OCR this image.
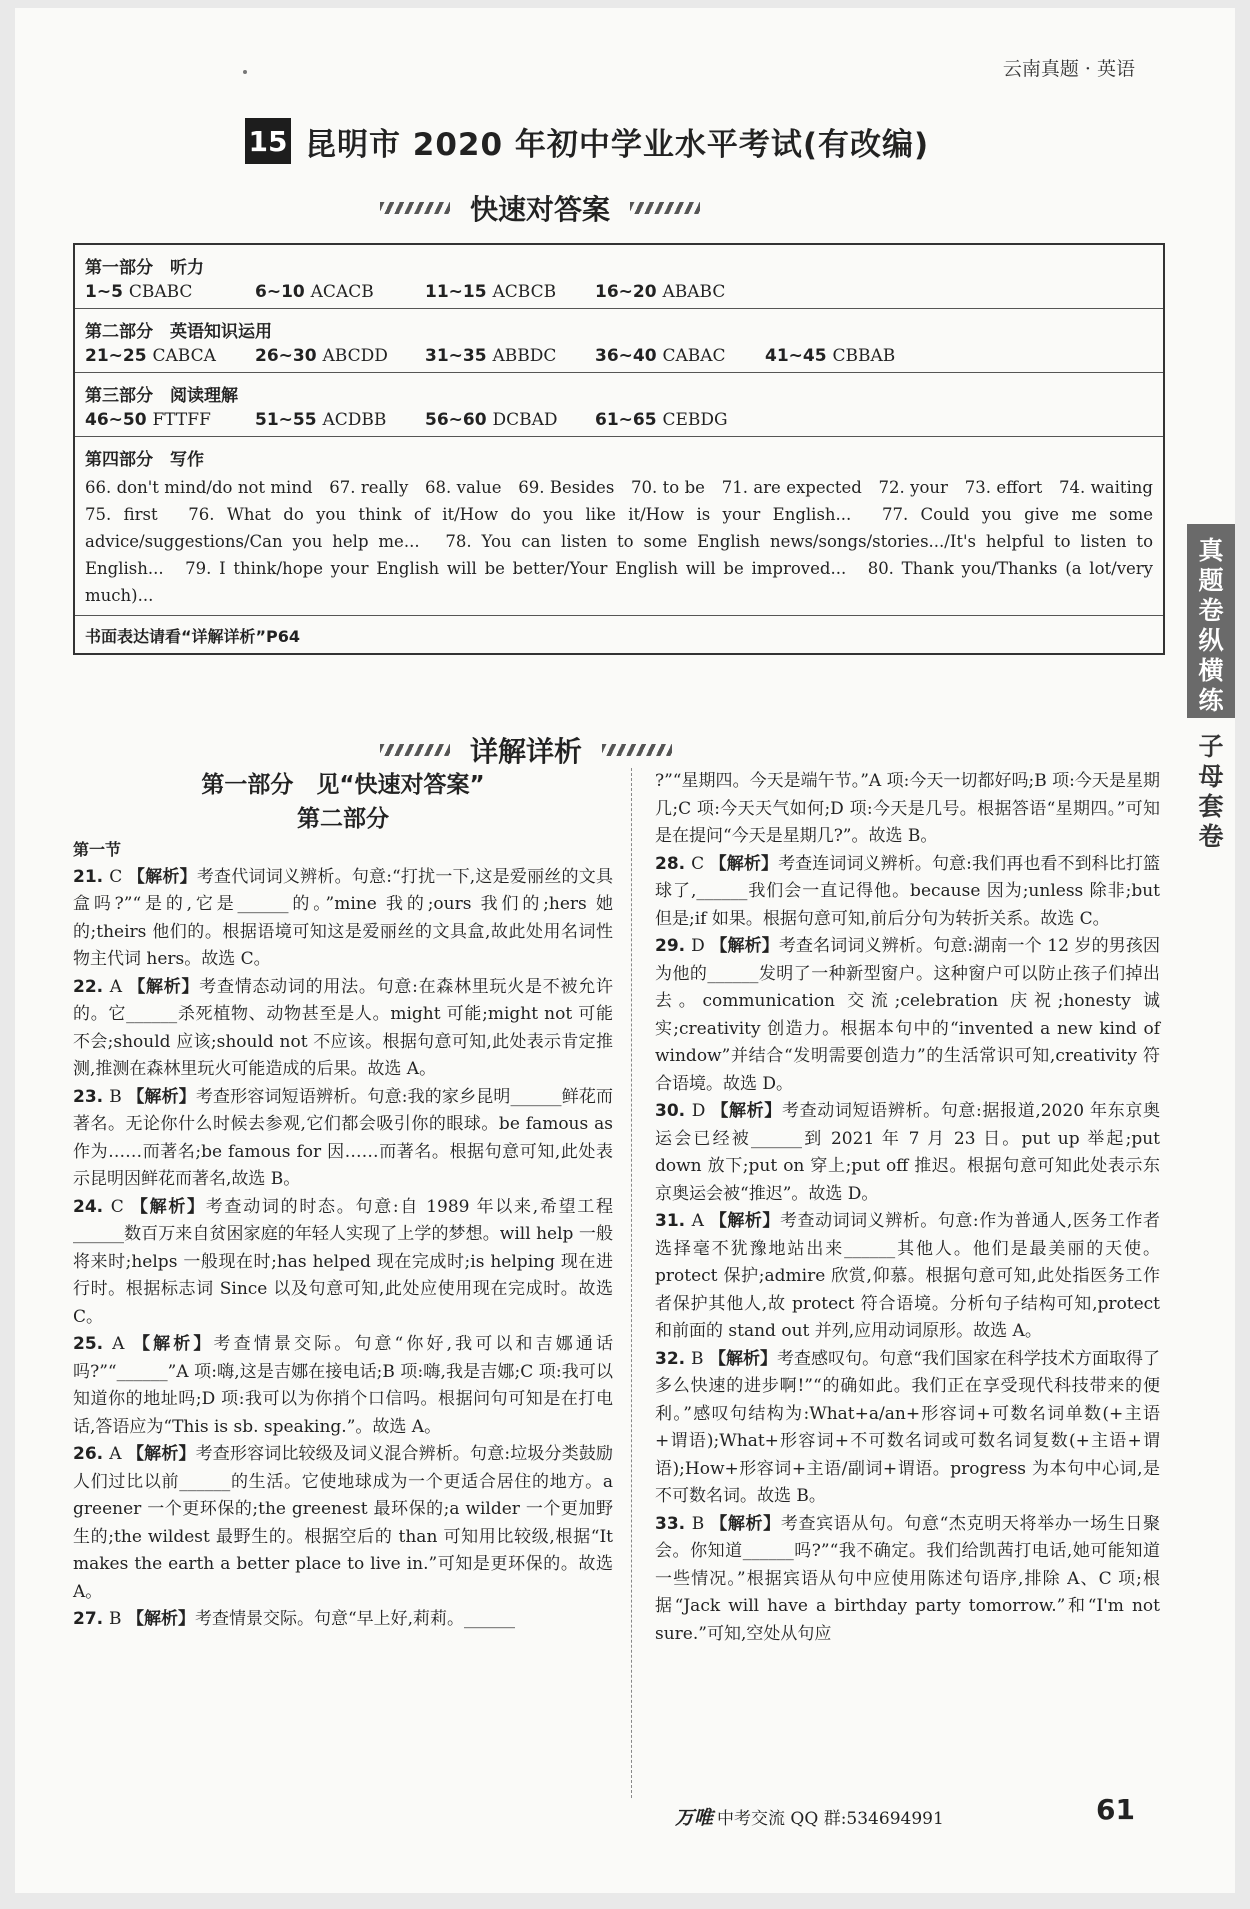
云南真题 · 英语
15 昆明市 2020 年初中学业水平考试(有改编)
快速对答案
第一部分　听力
1~5 CBABC	6~10 ACACB	11~15 ACBCB	16~20 ABABC
第二部分　英语知识运用
21~25 CABCA	26~30 ABCDD	31~35 ABBDC	36~40 CABAC	41~45 CBBAB
第三部分　阅读理解
46~50 FTTFF	51~55 ACDBB	56~60 DCBAD	61~65 CEBDG
第四部分　写作
66. don't mind/do not mind　67. really　68. value　69. Besides　70. to be　71. are expected　72. your　73. effort　74. waiting　75. first　76. What do you think of it/How do you like it/How is your English...　77. Could you give me some advice/suggestions/Can you help me...　78. You can listen to some English news/songs/stories.../It's helpful to listen to English...　79. I think/hope your English will be better/Your English will be improved...　80. Thank you/Thanks (a lot/very much)...
书面表达请看“详解详析”P64
真题卷纵横练
子母套卷
详解详析
第一部分　见“快速对答案”
第二部分
第一节
21. C 【解析】考查代词词义辨析。句意:“打扰一下,这是爱丽丝的文具盒吗?”“是的,它是______的。”mine 我的;ours 我们的;hers 她的;theirs 他们的。根据语境可知这是爱丽丝的文具盒,故此处用名词性物主代词 hers。故选 C。
22. A 【解析】考查情态动词的用法。句意:在森林里玩火是不被允许的。它______杀死植物、动物甚至是人。might 可能;might not 可能不会;should 应该;should not 不应该。根据句意可知,此处表示肯定推测,推测在森林里玩火可能造成的后果。故选 A。
23. B 【解析】考查形容词短语辨析。句意:我的家乡昆明______鲜花而著名。无论你什么时候去参观,它们都会吸引你的眼球。be famous as 作为……而著名;be famous for 因……而著名。根据句意可知,此处表示昆明因鲜花而著名,故选 B。
24. C 【解析】考查动词的时态。句意:自 1989 年以来,希望工程______数百万来自贫困家庭的年轻人实现了上学的梦想。will help 一般将来时;helps 一般现在时;has helped 现在完成时;is helping 现在进行时。根据标志词 Since 以及句意可知,此处应使用现在完成时。故选 C。
25. A 【解析】考查情景交际。句意“你好,我可以和吉娜通话吗?”“______”A 项:嗨,这是吉娜在接电话;B 项:嗨,我是吉娜;C 项:我可以知道你的地址吗;D 项:我可以为你捎个口信吗。根据问句可知是在打电话,答语应为“This is sb. speaking.”。故选 A。
26. A 【解析】考查形容词比较级及词义混合辨析。句意:垃圾分类鼓励人们过比以前______的生活。它使地球成为一个更适合居住的地方。a greener 一个更环保的;the greenest 最环保的;a wilder 一个更加野生的;the wildest 最野生的。根据空后的 than 可知用比较级,根据“It makes the earth a better place to live in.”可知是更环保的。故选 A。
27. B 【解析】考查情景交际。句意“早上好,莉莉。______
?”“星期四。今天是端午节。”A 项:今天一切都好吗;B 项:今天是星期几;C 项:今天天气如何;D 项:今天是几号。根据答语“星期四。”可知是在提问“今天是星期几?”。故选 B。
28. C 【解析】考查连词词义辨析。句意:我们再也看不到科比打篮球了,______我们会一直记得他。because 因为;unless 除非;but 但是;if 如果。根据句意可知,前后分句为转折关系。故选 C。
29. D 【解析】考查名词词义辨析。句意:湖南一个 12 岁的男孩因为他的______发明了一种新型窗户。这种窗户可以防止孩子们掉出去。communication 交流;celebration 庆祝;honesty 诚实;creativity 创造力。根据本句中的“invented a new kind of window”并结合“发明需要创造力”的生活常识可知,creativity 符合语境。故选 D。
30. D 【解析】考查动词短语辨析。句意:据报道,2020 年东京奥运会已经被______到 2021 年 7 月 23 日。put up 举起;put down 放下;put on 穿上;put off 推迟。根据句意可知此处表示东京奥运会被“推迟”。故选 D。
31. A 【解析】考查动词词义辨析。句意:作为普通人,医务工作者选择毫不犹豫地站出来______其他人。他们是最美丽的天使。protect 保护;admire 欣赏,仰慕。根据句意可知,此处指医务工作者保护其他人,故 protect 符合语境。分析句子结构可知,protect 和前面的 stand out 并列,应用动词原形。故选 A。
32. B 【解析】考查感叹句。句意“我们国家在科学技术方面取得了多么快速的进步啊!”“的确如此。我们正在享受现代科技带来的便利。”感叹句结构为:What+a/an+形容词+可数名词单数(+主语+谓语);What+形容词+不可数名词或可数名词复数(+主语+谓语);How+形容词+主语/副词+谓语。progress 为本句中心词,是不可数名词。故选 B。
33. B 【解析】考查宾语从句。句意“杰克明天将举办一场生日聚会。你知道______吗?”“我不确定。我们给凯茜打电话,她可能知道一些情况。”根据宾语从句中应使用陈述句语序,排除 A、C 项;根据“Jack will have a birthday party tomorrow.”和“I'm not sure.”可知,空处从句应
万唯 中考交流 QQ 群:534694991	61
